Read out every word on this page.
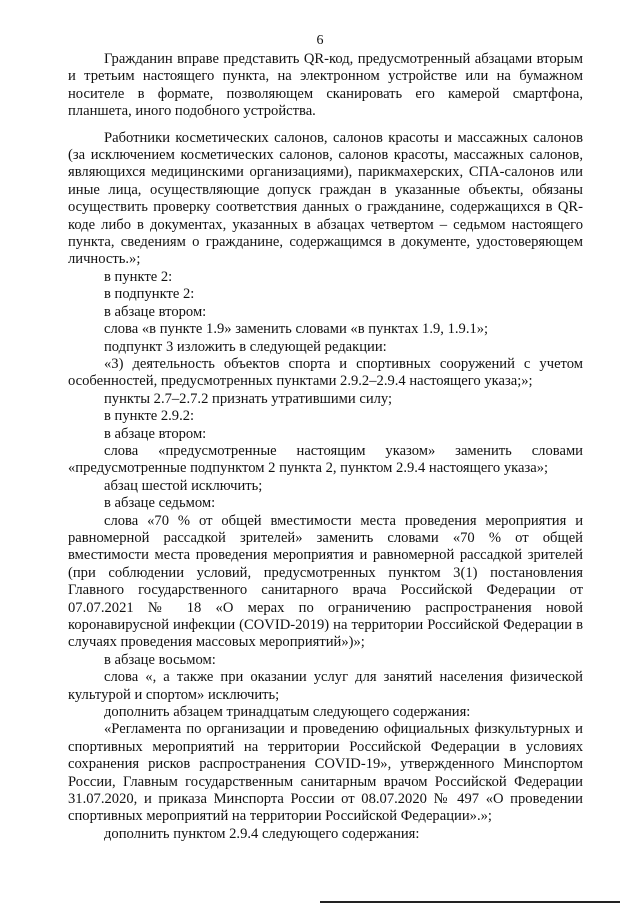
6

Гражданин вправе представить QR-код, предусмотренный абзацами вторым и третьим настоящего пункта, на электронном устройстве или на бумажном носителе в формате, позволяющем сканировать его камерой смартфона, планшета, иного подобного устройства.

Работники косметических салонов, салонов красоты и массажных салонов (за исключением косметических салонов, салонов красоты, массажных салонов, являющихся медицинскими организациями), парикмахерских, СПА-салонов или иные лица, осуществляющие допуск граждан в указанные объекты, обязаны осуществить проверку соответствия данных о гражданине, содержащихся в QR-коде либо в документах, указанных в абзацах четвертом – седьмом настоящего пункта, сведениям о гражданине, содержащимся в документе, удостоверяющем личность.»;

в пункте 2:

в подпункте 2:

в абзаце втором:

слова «в пункте 1.9» заменить словами «в пунктах 1.9, 1.9.1»;

подпункт 3 изложить в следующей редакции:

«3) деятельность объектов спорта и спортивных сооружений с учетом особенностей, предусмотренных пунктами 2.9.2–2.9.4 настоящего указа;»;

пункты 2.7–2.7.2 признать утратившими силу;

в пункте 2.9.2:

в абзаце втором:

слова «предусмотренные настоящим указом» заменить словами «предусмотренные подпунктом 2 пункта 2, пунктом 2.9.4 настоящего указа»;

абзац шестой исключить;

в абзаце седьмом:

слова «70 % от общей вместимости места проведения мероприятия и равномерной рассадкой зрителей» заменить словами «70 % от общей вместимости места проведения мероприятия и равномерной рассадкой зрителей (при соблюдении условий, предусмотренных пунктом 3(1) постановления Главного государственного санитарного врача Российской Федерации от 07.07.2021 № 18 «О мерах по ограничению распространения новой коронавирусной инфекции (COVID-2019) на территории Российской Федерации в случаях проведения массовых мероприятий»)»;

в абзаце восьмом:

слова «, а также при оказании услуг для занятий населения физической культурой и спортом» исключить;

дополнить абзацем тринадцатым следующего содержания:

«Регламента по организации и проведению официальных физкультурных и спортивных мероприятий на территории Российской Федерации в условиях сохранения рисков распространения COVID-19», утвержденного Минспортом России, Главным государственным санитарным врачом Российской Федерации 31.07.2020, и приказа Минспорта России от 08.07.2020 № 497 «О проведении спортивных мероприятий на территории Российской Федерации».»;

дополнить пунктом 2.9.4 следующего содержания:
